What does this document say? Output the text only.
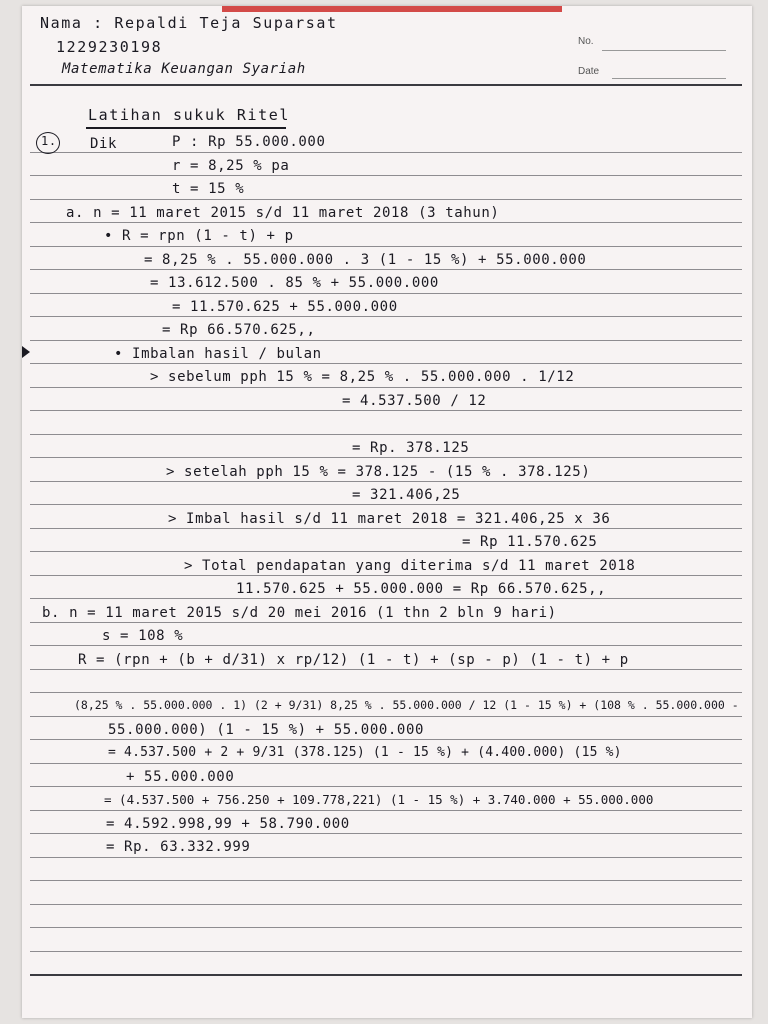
No.
Date
Nama : Repaldi Teja Suparsat
1229230198
Matematika Keuangan Syariah
Latihan sukuk Ritel
1. Dik	P : Rp 55.000.000
r = 8,25 % pa
t = 15 %
a. n = 11 maret 2015 s/d 11 maret 2018 (3 tahun)
• R = rpn (1 - t) + p
= 8,25 % . 55.000.000 . 3 (1 - 15 %) + 55.000.000
= 13.612.500 . 85 % + 55.000.000
= 11.570.625 + 55.000.000
= Rp 66.570.625,,
• Imbalan hasil / bulan
> sebelum pph 15 % = 8,25 % . 55.000.000 . 1/12
= 4.537.500 / 12
= Rp. 378.125
> setelah pph 15 % = 378.125 - (15 % . 378.125)
= 321.406,25
> Imbal hasil s/d 11 maret 2018 = 321.406,25 x 36
= Rp 11.570.625
> Total pendapatan yang diterima s/d 11 maret 2018
11.570.625 + 55.000.000 = Rp 66.570.625,,
b. n = 11 maret 2015 s/d 20 mei 2016 (1 thn 2 bln 9 hari)
s = 108 %
R = (rpn + (b + d/31) x rp/12) (1 - t) + (sp - p) (1 - t) + p
(8,25 % . 55.000.000 . 1) (2 + 9/31) 8,25 % . 55.000.000 / 12 (1 - 15 %) + (108 % . 55.000.000 -
55.000.000) (1 - 15 %) + 55.000.000
= 4.537.500 + 2 + 9/31 (378.125) (1 - 15 %) + (4.400.000) (15 %)
+ 55.000.000
= (4.537.500 + 756.250 + 109.778,221) (1 - 15 %) + 3.740.000 + 55.000.000
= 4.592.998,99 + 58.790.000
= Rp. 63.332.999
